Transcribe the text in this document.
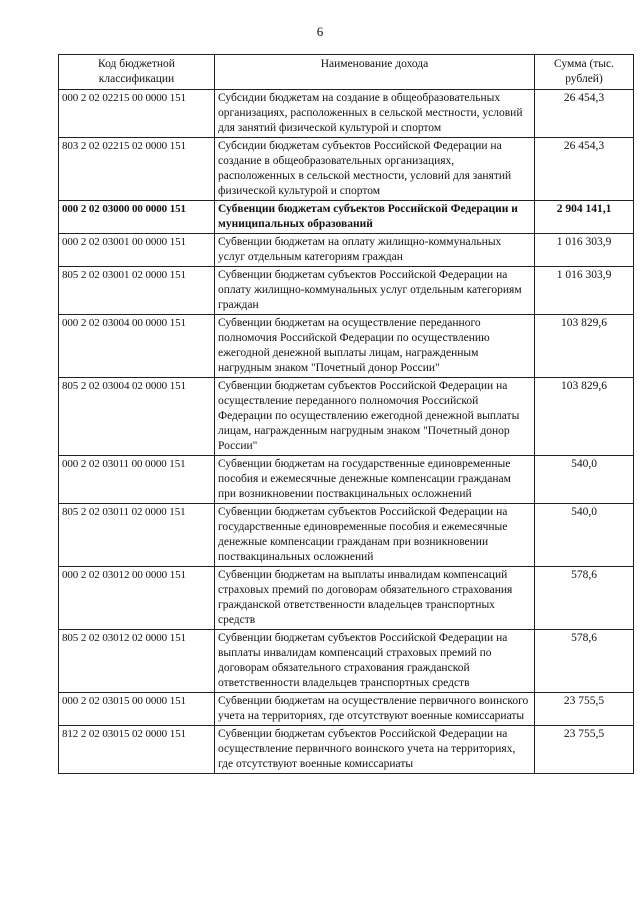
6
Код бюджетной классификации	Наименование дохода	Сумма (тыс. рублей)
000 2 02 02215 00 0000 151	Субсидии бюджетам на создание в общеобразовательных организациях, расположенных в сельской местности, условий для занятий физической культурой и спортом	26 454,3
803 2 02 02215 02 0000 151	Субсидии бюджетам субъектов Российской Федерации на создание в общеобразовательных организациях, расположенных в сельской местности, условий для занятий физической культурой и спортом	26 454,3
000 2 02 03000 00 0000 151	Субвенции бюджетам субъектов Российской Федерации и муниципальных образований	2 904 141,1
000 2 02 03001 00 0000 151	Субвенции бюджетам на оплату жилищно-коммунальных услуг отдельным категориям граждан	1 016 303,9
805 2 02 03001 02 0000 151	Субвенции бюджетам субъектов Российской Федерации на оплату жилищно-коммунальных услуг отдельным категориям граждан	1 016 303,9
000 2 02 03004 00 0000 151	Субвенции бюджетам на осуществление переданного полномочия Российской Федерации по осуществлению ежегодной денежной выплаты лицам, награжденным нагрудным знаком "Почетный донор России"	103 829,6
805 2 02 03004 02 0000 151	Субвенции бюджетам субъектов Российской Федерации на осуществление переданного полномочия Российской Федерации по осуществлению ежегодной денежной выплаты лицам, награжденным нагрудным знаком "Почетный донор России"	103 829,6
000 2 02 03011 00 0000 151	Субвенции бюджетам на государственные единовременные пособия и ежемесячные денежные компенсации гражданам при возникновении поствакцинальных осложнений	540,0
805 2 02 03011 02 0000 151	Субвенции бюджетам субъектов Российской Федерации на государственные единовременные пособия и ежемесячные денежные компенсации гражданам при возникновении поствакцинальных осложнений	540,0
000 2 02 03012 00 0000 151	Субвенции бюджетам на выплаты инвалидам компенсаций страховых премий по договорам обязательного страхования гражданской ответственности владельцев транспортных средств	578,6
805 2 02 03012 02 0000 151	Субвенции бюджетам субъектов Российской Федерации на выплаты инвалидам компенсаций страховых премий по договорам обязательного страхования гражданской ответственности владельцев транспортных средств	578,6
000 2 02 03015 00 0000 151	Субвенции бюджетам на осуществление первичного воинского учета на территориях, где отсутствуют военные комиссариаты	23 755,5
812 2 02 03015 02 0000 151	Субвенции бюджетам субъектов Российской Федерации на осуществление первичного воинского учета на территориях, где отсутствуют военные комиссариаты	23 755,5
